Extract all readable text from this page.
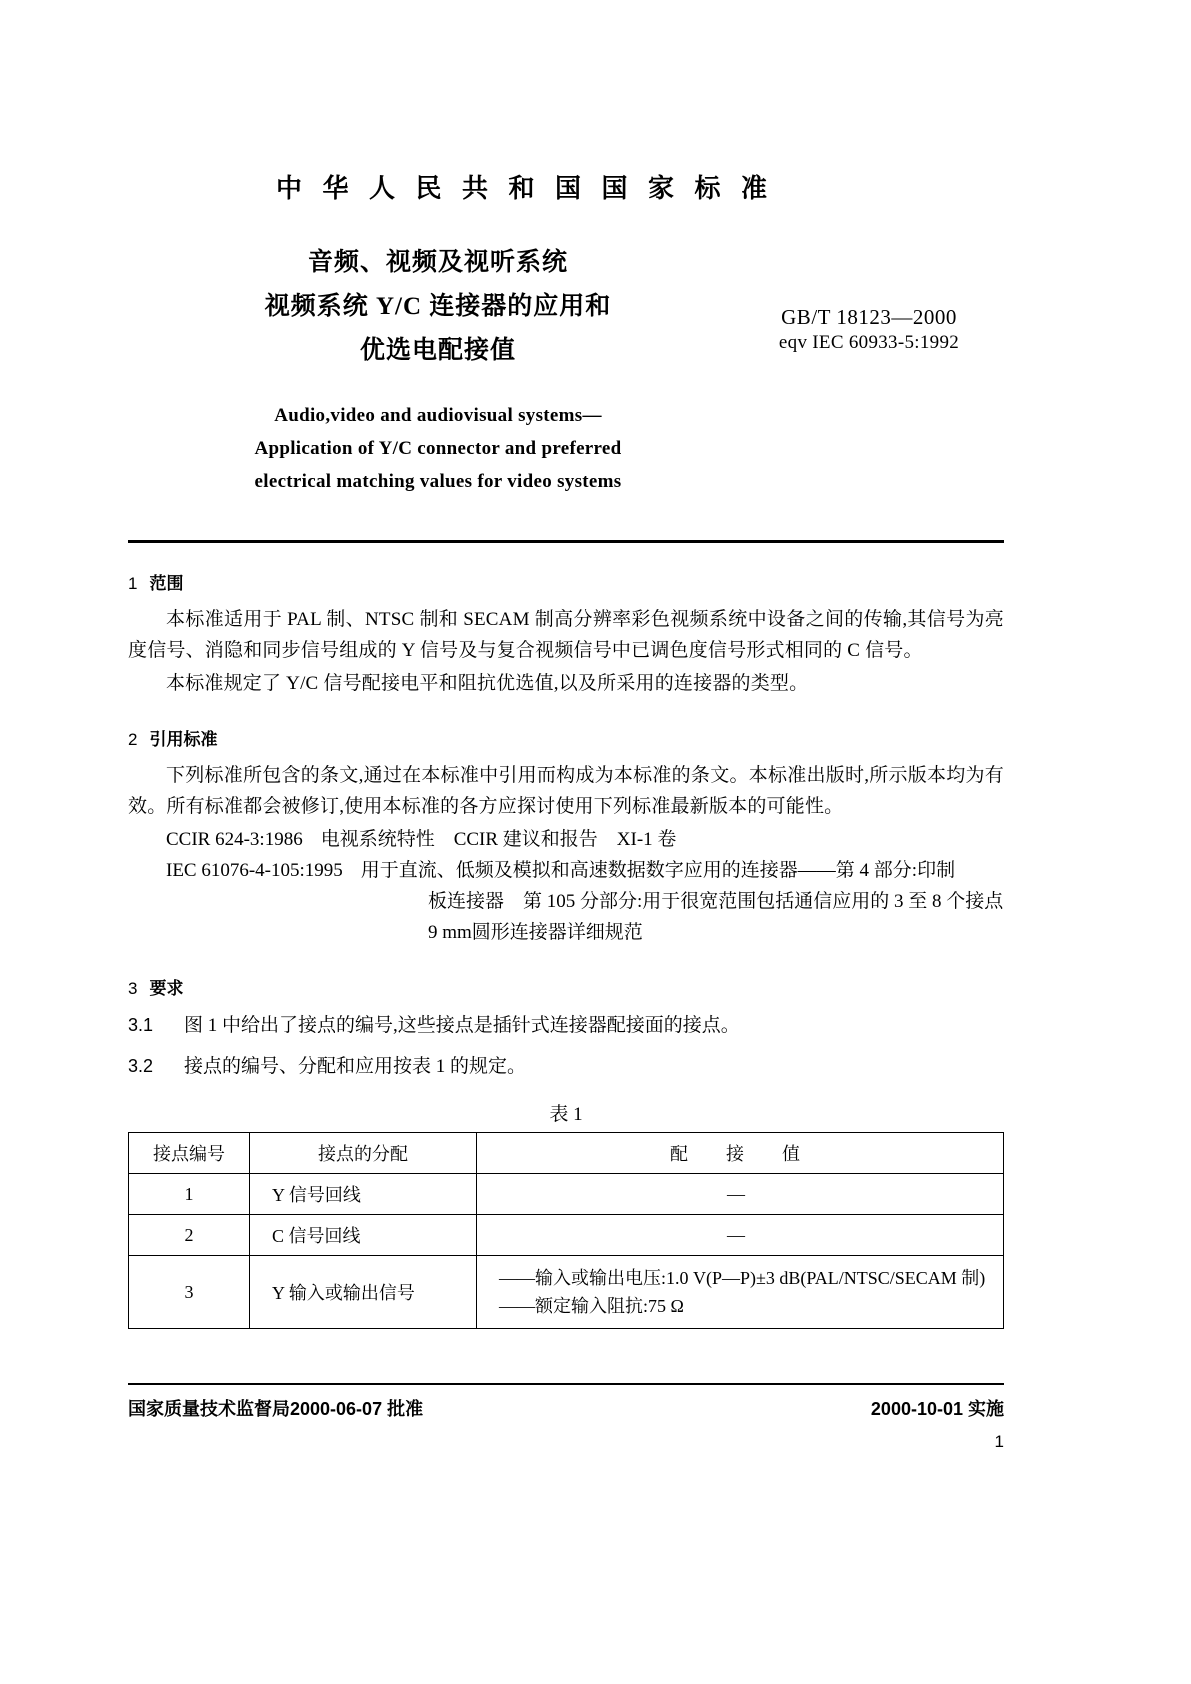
中 华 人 民 共 和 国 国 家 标 准
音频、视频及视听系统
视频系统 Y/C 连接器的应用和
优选电配接值
GB/T 18123—2000
eqv IEC 60933-5:1992
Audio,video and audiovisual systems—
Application of Y/C connector and preferred
electrical matching values for video systems
1 范围

本标准适用于 PAL 制、NTSC 制和 SECAM 制高分辨率彩色视频系统中设备之间的传输,其信号为亮度信号、消隐和同步信号组成的 Y 信号及与复合视频信号中已调色度信号形式相同的 C 信号。

本标准规定了 Y/C 信号配接电平和阻抗优选值,以及所采用的连接器的类型。

2 引用标准

下列标准所包含的条文,通过在本标准中引用而构成为本标准的条文。本标准出版时,所示版本均为有效。所有标准都会被修订,使用本标准的各方应探讨使用下列标准最新版本的可能性。

CCIR 624-3:1986 电视系统特性　CCIR 建议和报告　XI-1 卷
IEC 61076-4-105:1995 用于直流、低频及模拟和高速数据数字应用的连接器——第 4 部分:印制
板连接器　第 105 分部分:用于很宽范围包括通信应用的 3 至 8 个接点
9 mm圆形连接器详细规范
3 要求
3.1	图 1 中给出了接点的编号,这些接点是插针式连接器配接面的接点。
3.2	接点的编号、分配和应用按表 1 的规定。
表 1
接点编号	接点的分配	配　接　值
1	Y 信号回线	—
2	C 信号回线	—
3	Y 输入或输出信号	——输入或输出电压:1.0 V(P—P)±3 dB(PAL/NTSC/SECAM 制)
——额定输入阻抗:75 Ω
国家质量技术监督局2000-06-07 批准	2000-10-01 实施
1
